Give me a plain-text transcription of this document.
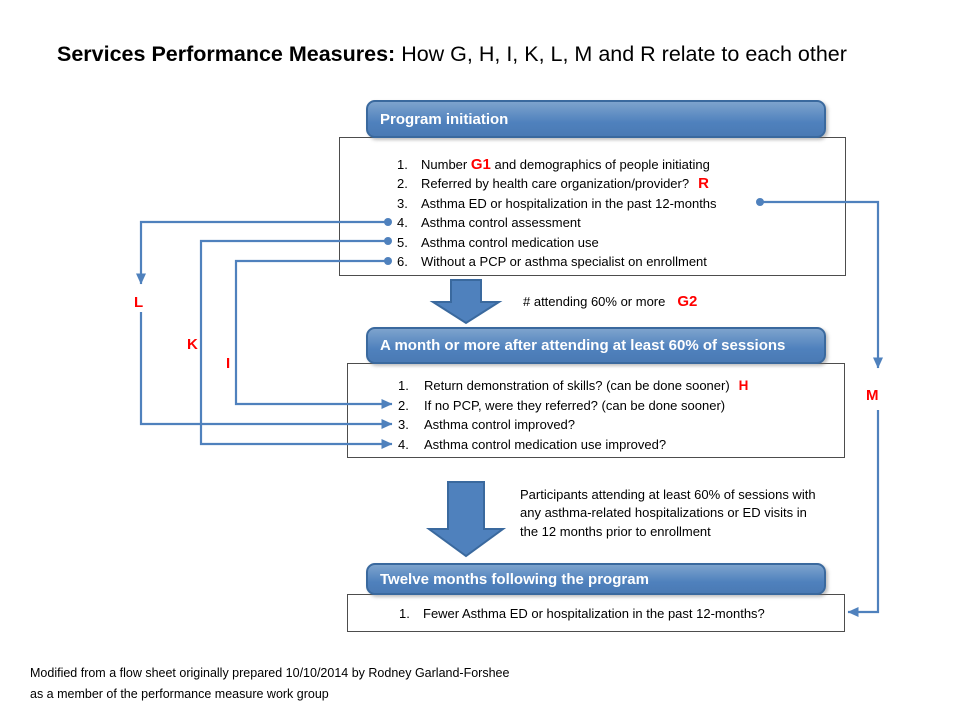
Services Performance Measures: How G, H, I, K, L, M and R relate to each other
L
K
I
M
Program initiation
1.	Number G1 and demographics of people initiating
2.	Referred by health care organization/provider? R
3.	Asthma ED or hospitalization in the past 12-months
4.	Asthma control assessment
5.	Asthma control medication use
6.	Without a PCP or asthma specialist on enrollment
# attending 60% or more G2
A month or more after attending at least 60% of sessions
1.	Return demonstration of skills? (can be done sooner) H
2.	If no PCP, were they referred? (can be done sooner)
3.	Asthma control improved?
4.	Asthma control medication use improved?
Participants attending at least 60% of sessions with any asthma-related hospitalizations or ED visits in the 12 months prior to enrollment
Twelve months following the program
1.	Fewer Asthma ED or hospitalization in the past 12-months?
Modified from a flow sheet originally prepared 10/10/2014 by Rodney Garland-Forshee
as a member of the performance measure work group
